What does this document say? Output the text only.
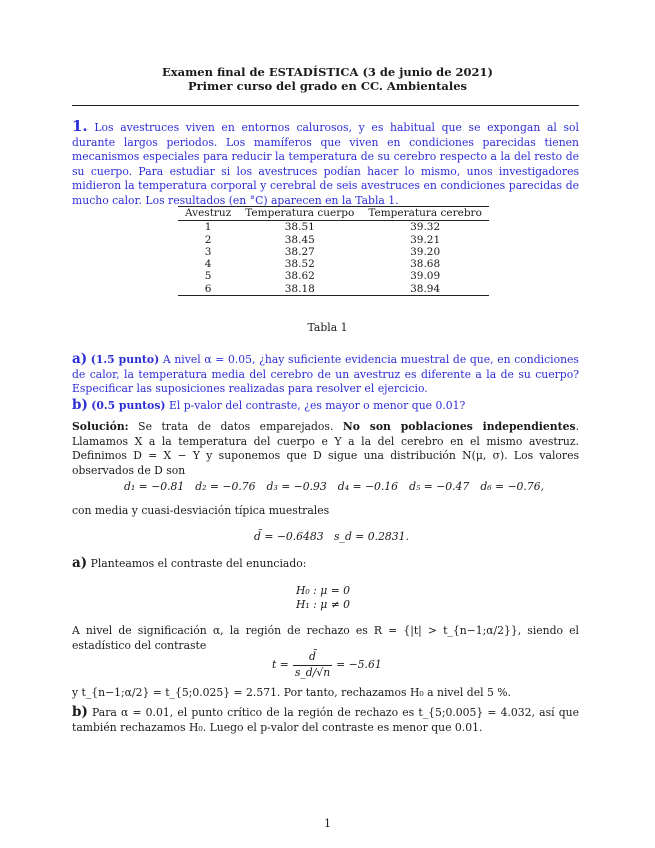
Examen final de ESTADÍSTICA (3 de junio de 2021)
Primer curso del grado en CC. Ambientales
1. Los avestruces viven en entornos calurosos, y es habitual que se expongan al sol durante largos periodos. Los mamíferos que viven en condiciones parecidas tienen mecanismos especiales para reducir la temperatura de su cerebro respecto a la del resto de su cuerpo. Para estudiar si los avestruces podían hacer lo mismo, unos investigadores midieron la temperatura corporal y cerebral de seis avestruces en condiciones parecidas de mucho calor. Los resultados (en °C) aparecen en la Tabla 1.
Avestruz	Temperatura cuerpo	Temperatura cerebro
1	38.51	39.32
2	38.45	39.21
3	38.27	39.20
4	38.52	38.68
5	38.62	39.09
6	38.18	38.94
Tabla 1
a) (1.5 punto) A nivel α = 0.05, ¿hay suficiente evidencia muestral de que, en condiciones de calor, la temperatura media del cerebro de un avestruz es diferente a la de su cuerpo? Especificar las suposiciones realizadas para resolver el ejercicio.
b) (0.5 puntos) El p-valor del contraste, ¿es mayor o menor que 0.01?
Solución: Se trata de datos emparejados. No son poblaciones independientes. Llamamos X a la temperatura del cuerpo e Y a la del cerebro en el mismo avestruz. Definimos D = X − Y y suponemos que D sigue una distribución N(μ, σ). Los valores observados de D son
d₁ = −0.81 d₂ = −0.76 d₃ = −0.93 d₄ = −0.16 d₅ = −0.47 d₆ = −0.76,
con media y cuasi-desviación típica muestrales
d̄ = −0.6483 s_d = 0.2831.
a) Planteamos el contraste del enunciado:
H₀ : μ = 0
H₁ : μ ≠ 0
A nivel de significación α, la región de rechazo es R = {|t| > t_{n−1;α/2}}, siendo el estadístico del contraste
$t = \frac{d̄}{s\_d/√n} = -5.61$
y t_{n−1;α/2} = t_{5;0.025} = 2.571. Por tanto, rechazamos H₀ a nivel del 5 %.
b) Para α = 0.01, el punto crítico de la región de rechazo es t_{5;0.005} = 4.032, así que también rechazamos H₀. Luego el p-valor del contraste es menor que 0.01.
1
